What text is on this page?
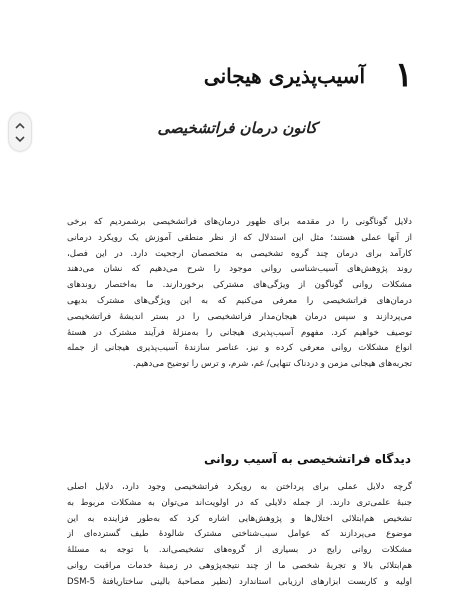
۱
آسیب‌پذیری هیجانی
کانون درمان فراتشخیصی
دلایل گوناگونی را در مقدمه برای ظهور درمان‌های فراتشخیصی برشمردیم که برخی
از آنها عملی هستند؛ مثل این استدلال که از نظر منطقی آموزش یک رویکرد درمانی
کارآمد برای درمان چند گروه تشخیصی به متخصصان ارجحیت دارد. در این فصل،
روند پژوهش‌های آسیب‌شناسی روانی موجود را شرح می‌دهیم که نشان می‌دهند
مشکلات روانی گوناگون از ویژگی‌های مشترکی برخوردارند. ما به‌اختصار روندهای
درمان‌های فراتشخیصی را معرفی می‌کنیم که به این ویژگی‌های مشترک بدیهی
می‌پردازند و سپس درمان هیجان‌مدار فراتشخیصی را در بستر اندیشهٔ فراتشخیصی
توصیف خواهیم کرد. مفهوم آسیب‌پذیری هیجانی را به‌منزلهٔ فرآیند مشترک در هستهٔ
انواع مشکلات روانی معرفی کرده و نیز، عناصر سازندهٔ آسیب‌پذیری هیجانی از جمله
تجربه‌های هیجانی مزمن و دردناک تنهایی/ غم، شرم، و ترس را توضیح می‌دهیم.
دیدگاه فراتشخیصی به آسیب روانی
گرچه دلایل عملی برای پرداختن به رویکرد فراتشخیصی وجود دارد، دلایل اصلی
جنبهٔ علمی‌تری دارند. از جمله دلایلی که در اولویت‌اند می‌توان به مشکلات مربوط به
تشخیص هم‌ابتلائی اختلال‌ها و پژوهش‌هایی اشاره کرد که به‌طور فزاینده به این
موضوع می‌پردازند که عوامل سبب‌شناختی مشترک شالودهٔ طیف گسترده‌ای از
مشکلات روانی رایج در بسیاری از گروه‌های تشخیصی‌اند. با توجه به مسئلهٔ
هم‌ابتلائی بالا و تجربهٔ شخصی ما از چند نتیجه‌پژوهی در زمینهٔ خدمات مراقبت روانی
اولیه و کاربست ابزارهای ارزیابی استاندارد (نظیر مصاحبهٔ بالینی ساختاریافتهٔ DSM-5
